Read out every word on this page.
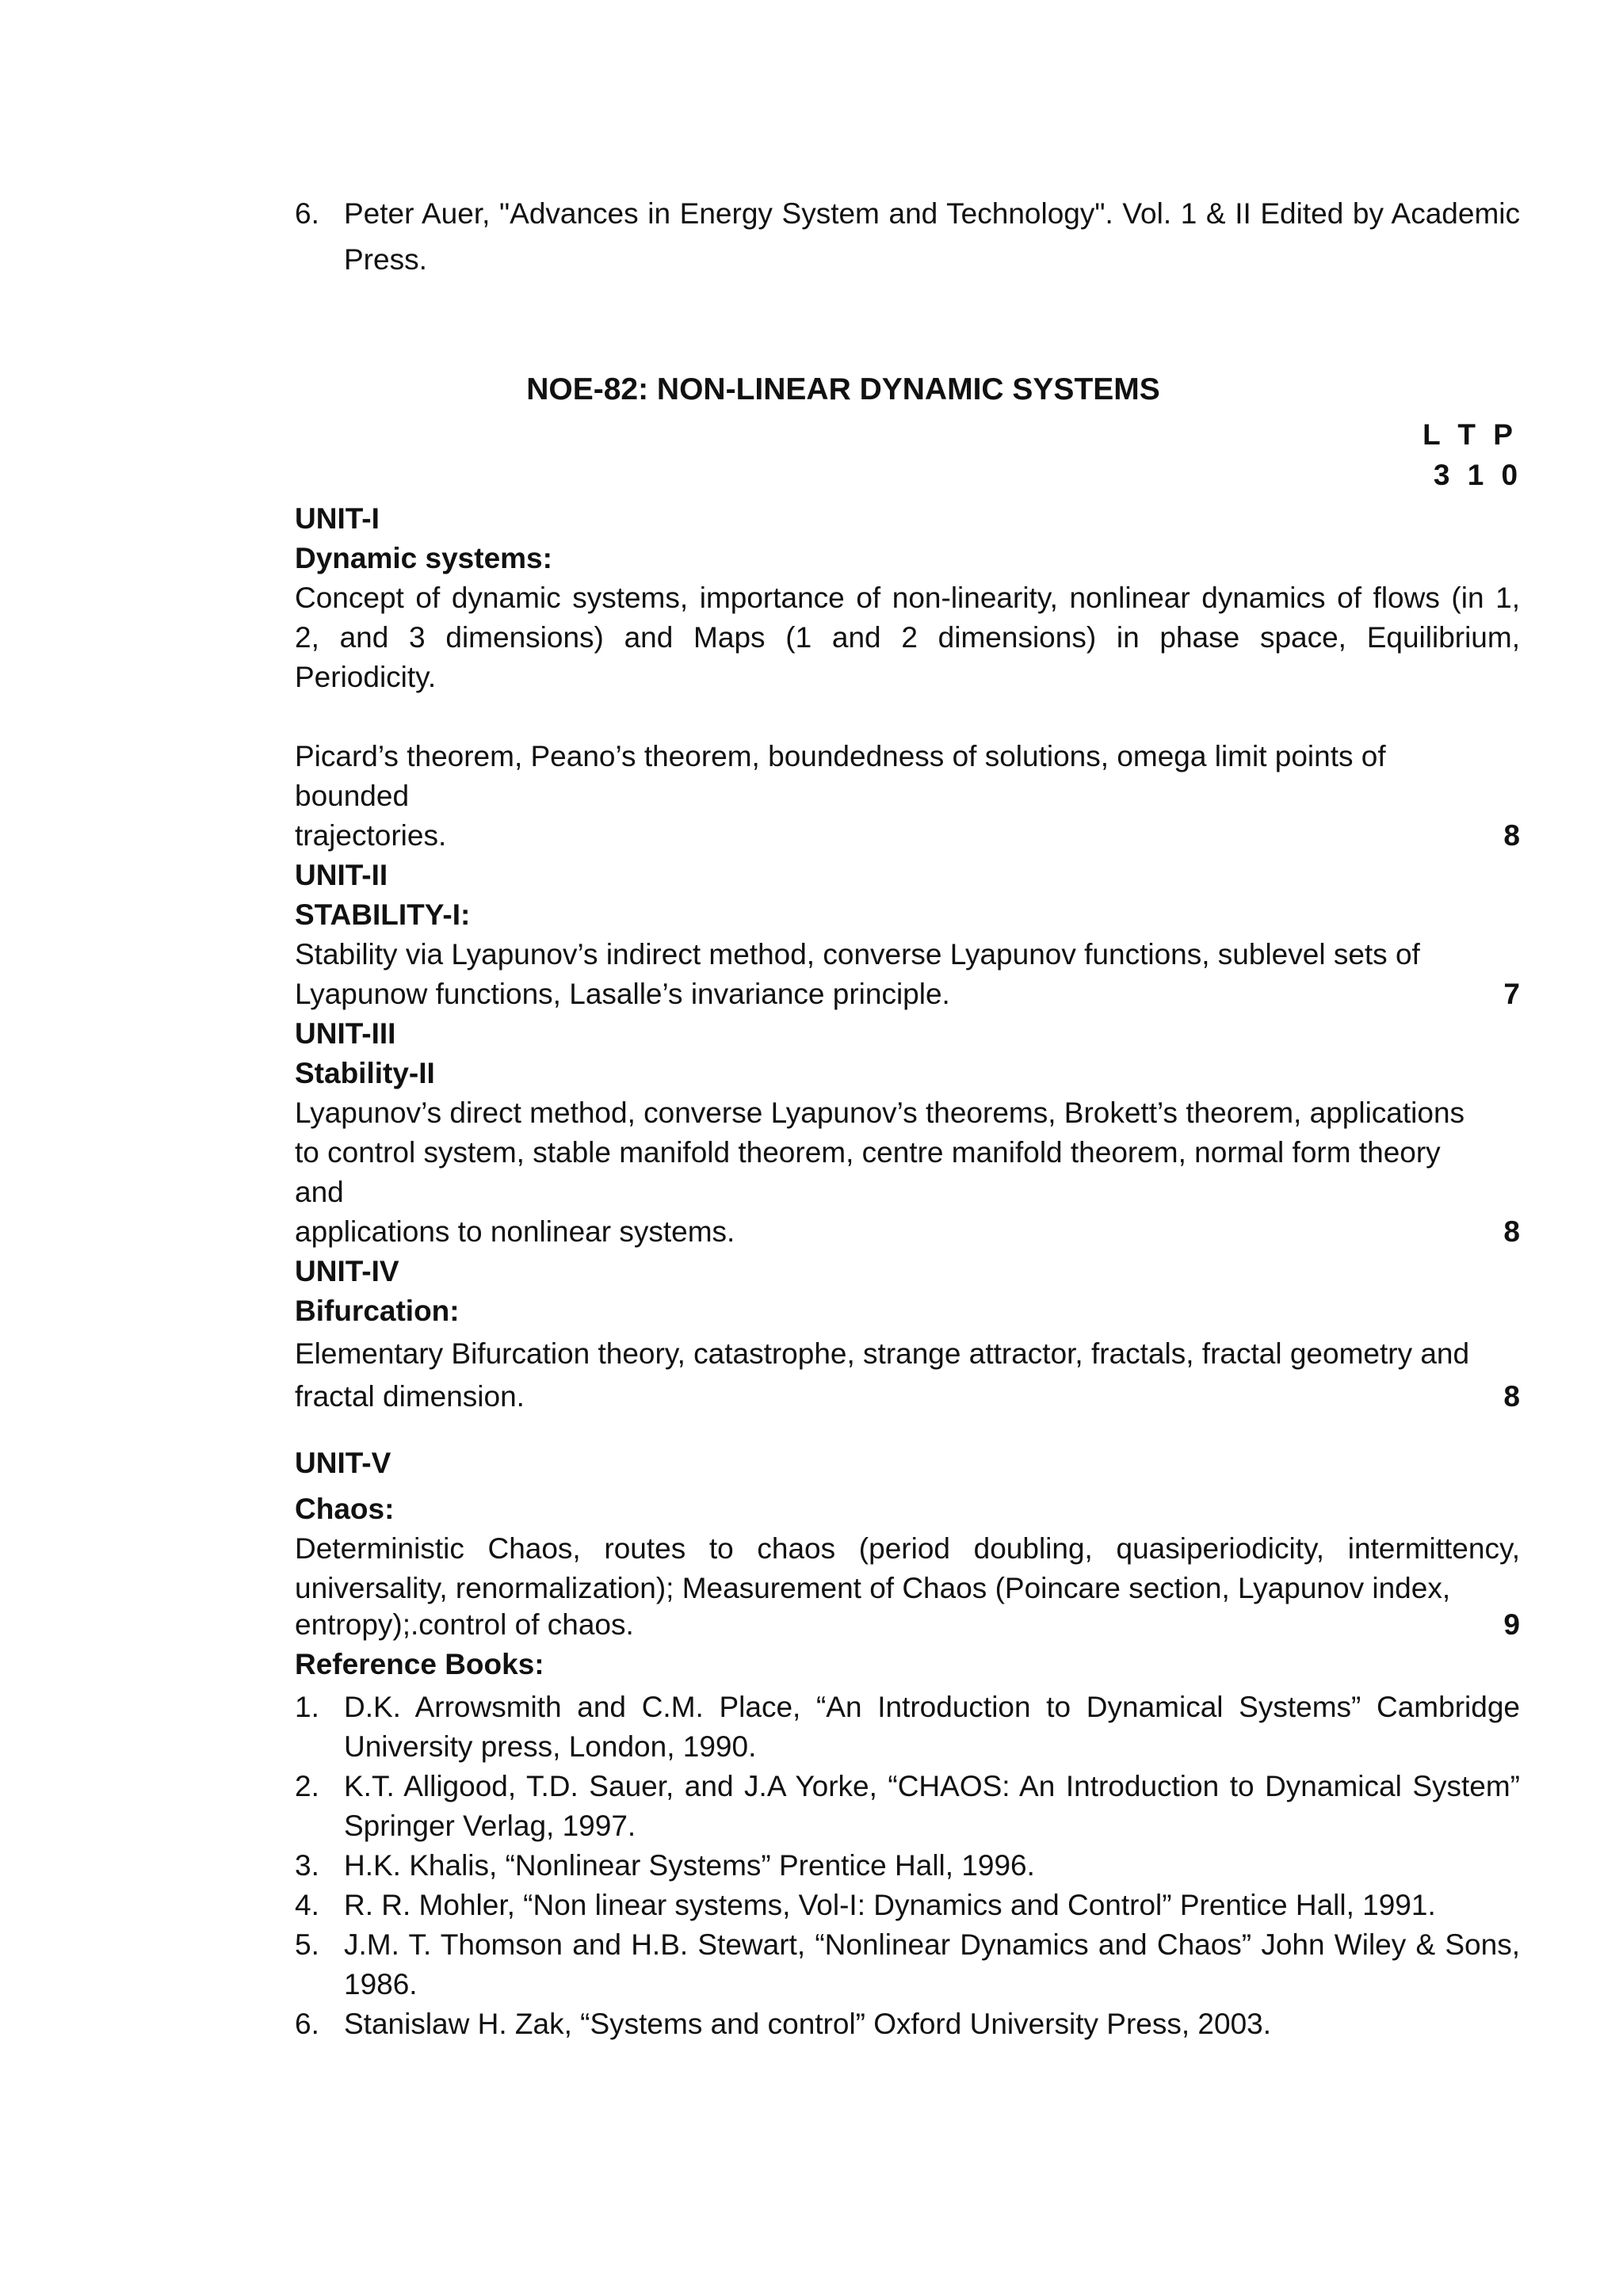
6. Peter Auer, "Advances in Energy System and Technology". Vol. 1 & II Edited by Academic
Press.
NOE-82: NON-LINEAR DYNAMIC SYSTEMS
L T P
3 1 0
UNIT-I
Dynamic systems:
Concept of dynamic systems, importance of non-linearity, nonlinear dynamics of flows (in 1,
2, and 3 dimensions) and Maps (1 and 2 dimensions) in phase space, Equilibrium,
Periodicity.
Picard’s theorem, Peano’s theorem, boundedness of solutions, omega limit points of
bounded
trajectories.	8
UNIT-II
STABILITY-I:
Stability via Lyapunov’s indirect method, converse Lyapunov functions, sublevel sets of
Lyapunow functions, Lasalle’s invariance principle.	7
UNIT-III
Stability-II
Lyapunov’s direct method, converse Lyapunov’s theorems, Brokett’s theorem, applications
to control system, stable manifold theorem, centre manifold theorem, normal form theory
and
applications to nonlinear systems.	8
UNIT-IV
Bifurcation:
Elementary Bifurcation theory, catastrophe, strange attractor, fractals, fractal geometry and
fractal dimension.	8
UNIT-V
Chaos:
Deterministic Chaos, routes to chaos (period doubling, quasiperiodicity, intermittency,
universality, renormalization); Measurement of Chaos (Poincare section, Lyapunov index,
entropy);.control of chaos.	9
Reference Books:
1. D.K. Arrowsmith and C.M. Place, “An Introduction to Dynamical Systems” Cambridge
University press, London, 1990.
2. K.T. Alligood, T.D. Sauer, and J.A Yorke, “CHAOS: An Introduction to Dynamical System”
Springer Verlag, 1997.
3. H.K. Khalis, “Nonlinear Systems” Prentice Hall, 1996.
4. R. R. Mohler, “Non linear systems, Vol-I: Dynamics and Control” Prentice Hall, 1991.
5. J.M. T. Thomson and H.B. Stewart, “Nonlinear Dynamics and Chaos” John Wiley & Sons,
1986.
6. Stanislaw H. Zak, “Systems and control” Oxford University Press, 2003.
